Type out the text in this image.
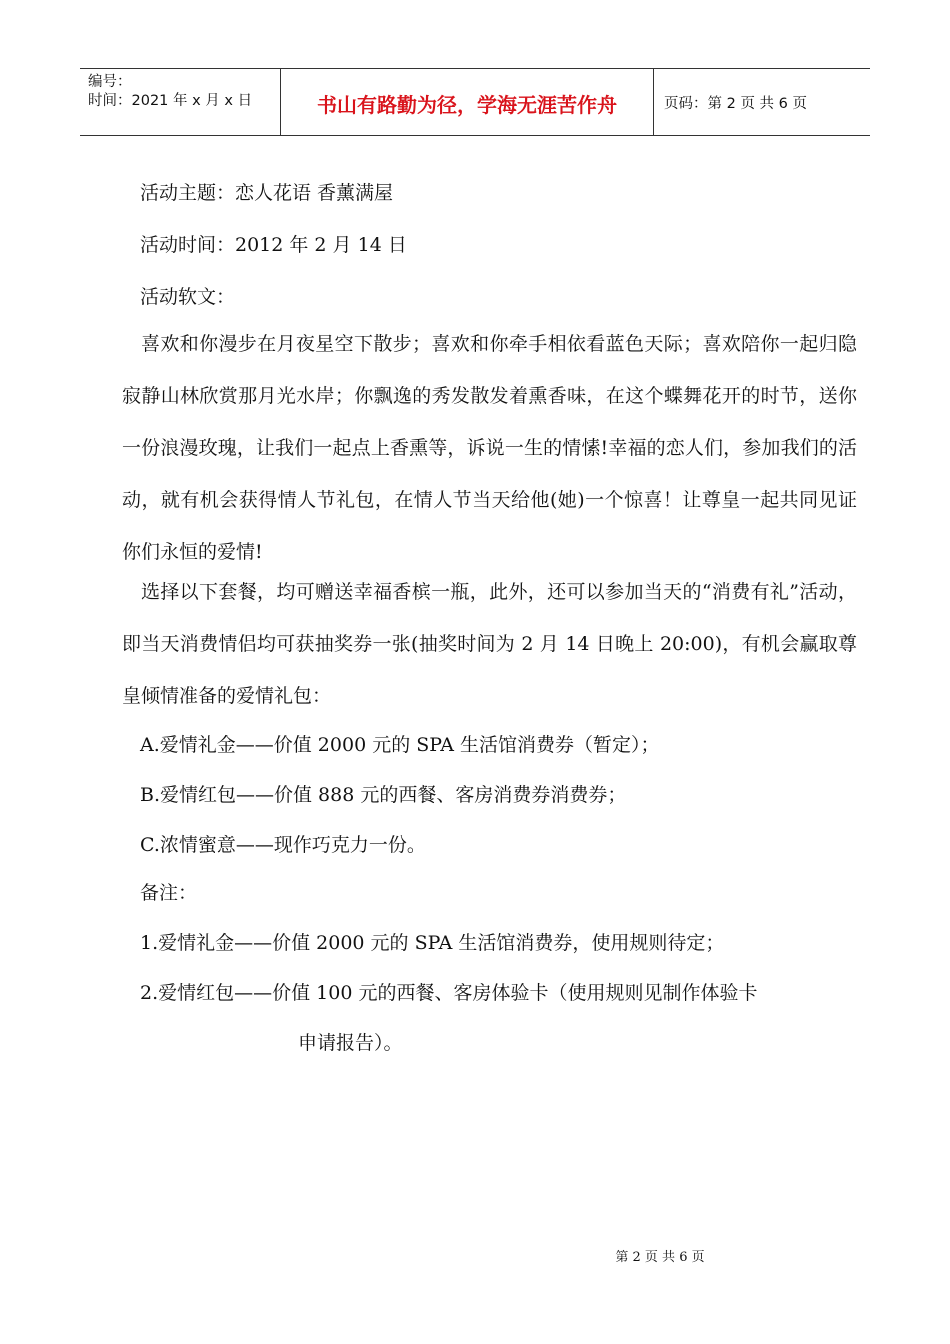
编号：
时间：2021 年 x 月 x 日	书山有路勤为径，学海无涯苦作舟	页码：第 2 页 共 6 页
活动主题：恋人花语 香薰满屋
活动时间：2012 年 2 月 14 日
活动软文：
喜欢和你漫步在月夜星空下散步；喜欢和你牵手相依看蓝色天际；喜欢陪你一起归隐寂静山林欣赏那月光水岸；你飘逸的秀发散发着熏香味，在这个蝶舞花开的时节，送你一份浪漫玫瑰，让我们一起点上香熏等，诉说一生的情愫!幸福的恋人们，参加我们的活动，就有机会获得情人节礼包，在情人节当天给他(她)一个惊喜！让尊皇一起共同见证你们永恒的爱情!
选择以下套餐，均可赠送幸福香槟一瓶，此外，还可以参加当天的“消费有礼”活动， 即当天消费情侣均可获抽奖券一张(抽奖时间为 2 月 14 日晚上 20:00)，有机会赢取尊皇倾情准备的爱情礼包：
A.爱情礼金——价值 2000 元的 SPA 生活馆消费券（暂定）；
B.爱情红包——价值 888 元的西餐、客房消费券消费券；
C.浓情蜜意——现作巧克力一份。
备注：
1.爱情礼金——价值 2000 元的 SPA 生活馆消费券，使用规则待定；
2.爱情红包——价值 100 元的西餐、客房体验卡（使用规则见制作体验卡
申请报告）。
第 2 页 共 6 页
